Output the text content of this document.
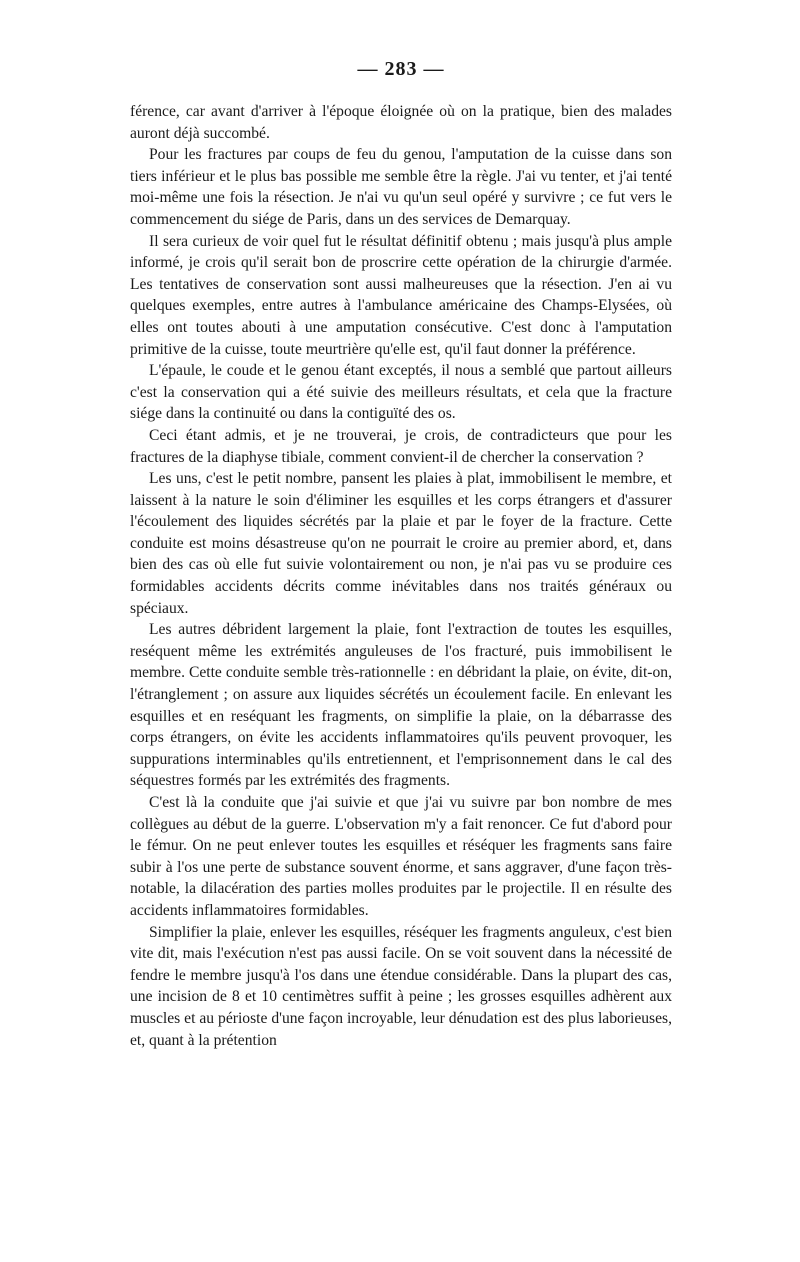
— 283 —

férence, car avant d'arriver à l'époque éloignée où on la pratique, bien des malades auront déjà succombé.

Pour les fractures par coups de feu du genou, l'amputation de la cuisse dans son tiers inférieur et le plus bas possible me semble être la règle. J'ai vu tenter, et j'ai tenté moi-même une fois la résection. Je n'ai vu qu'un seul opéré y survivre ; ce fut vers le commencement du siége de Paris, dans un des services de Demarquay.

Il sera curieux de voir quel fut le résultat définitif obtenu ; mais jusqu'à plus ample informé, je crois qu'il serait bon de proscrire cette opération de la chirurgie d'armée. Les tentatives de conservation sont aussi malheureuses que la résection. J'en ai vu quelques exemples, entre autres à l'ambulance américaine des Champs-Elysées, où elles ont toutes abouti à une amputation consécutive. C'est donc à l'amputation primitive de la cuisse, toute meurtrière qu'elle est, qu'il faut donner la préférence.

L'épaule, le coude et le genou étant exceptés, il nous a semblé que partout ailleurs c'est la conservation qui a été suivie des meilleurs résultats, et cela que la fracture siége dans la continuité ou dans la contiguïté des os.

Ceci étant admis, et je ne trouverai, je crois, de contradicteurs que pour les fractures de la diaphyse tibiale, comment convient-il de chercher la conservation ?

Les uns, c'est le petit nombre, pansent les plaies à plat, immobilisent le membre, et laissent à la nature le soin d'éliminer les esquilles et les corps étrangers et d'assurer l'écoulement des liquides sécrétés par la plaie et par le foyer de la fracture. Cette conduite est moins désastreuse qu'on ne pourrait le croire au premier abord, et, dans bien des cas où elle fut suivie volontairement ou non, je n'ai pas vu se produire ces formidables accidents décrits comme inévitables dans nos traités généraux ou spéciaux.

Les autres débrident largement la plaie, font l'extraction de toutes les esquilles, reséquent même les extrémités anguleuses de l'os fracturé, puis immobilisent le membre. Cette conduite semble très-rationnelle : en débridant la plaie, on évite, dit-on, l'étranglement ; on assure aux liquides sécrétés un écoulement facile. En enlevant les esquilles et en reséquant les fragments, on simplifie la plaie, on la débarrasse des corps étrangers, on évite les accidents inflammatoires qu'ils peuvent provoquer, les suppurations interminables qu'ils entretiennent, et l'emprisonnement dans le cal des séquestres formés par les extrémités des fragments.

C'est là la conduite que j'ai suivie et que j'ai vu suivre par bon nombre de mes collègues au début de la guerre. L'observation m'y a fait renoncer. Ce fut d'abord pour le fémur. On ne peut enlever toutes les esquilles et réséquer les fragments sans faire subir à l'os une perte de substance souvent énorme, et sans aggraver, d'une façon très-notable, la dilacération des parties molles produites par le projectile. Il en résulte des accidents inflammatoires formidables.

Simplifier la plaie, enlever les esquilles, réséquer les fragments anguleux, c'est bien vite dit, mais l'exécution n'est pas aussi facile. On se voit souvent dans la nécessité de fendre le membre jusqu'à l'os dans une étendue considérable. Dans la plupart des cas, une incision de 8 et 10 centimètres suffit à peine ; les grosses esquilles adhèrent aux muscles et au périoste d'une façon incroyable, leur dénudation est des plus laborieuses, et, quant à la prétention
